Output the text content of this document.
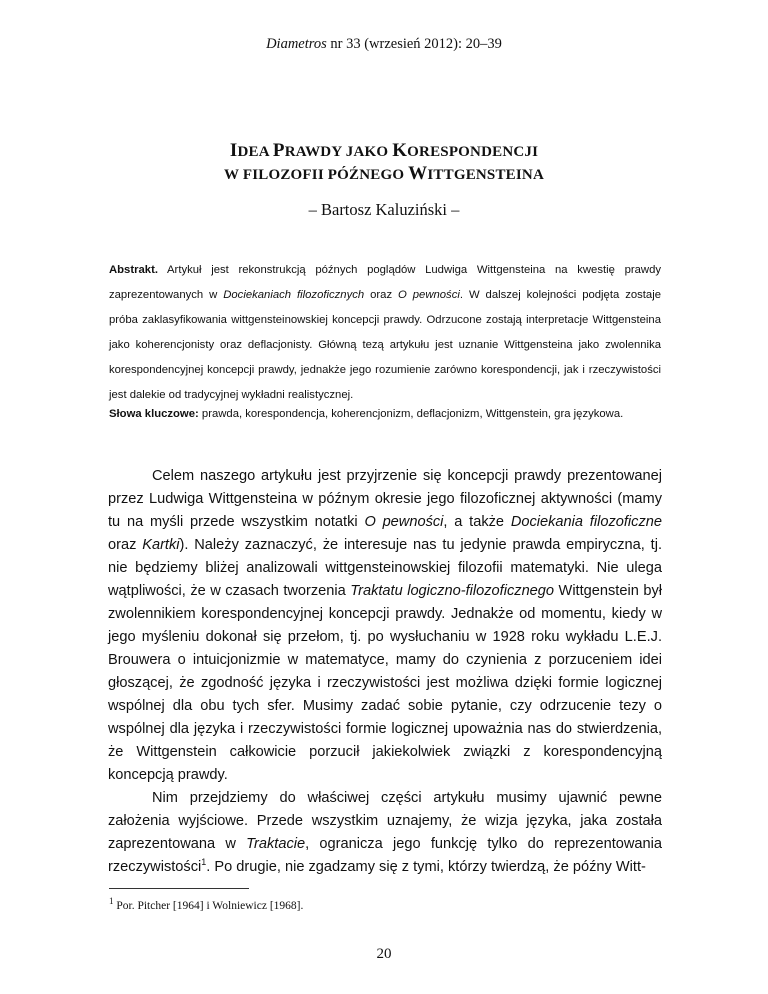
Diametros nr 33 (wrzesień 2012): 20–39
IDEA PRAWDY JAKO KORESPONDENCJI
W FILOZOFII PÓŹNEGO WITTGENSTEINA
– Bartosz Kaluziński –
Abstrakt. Artykuł jest rekonstrukcją późnych poglądów Ludwiga Wittgensteina na kwestię prawdy zaprezentowanych w Dociekaniach filozoficznych oraz O pewności. W dalszej kolejności podjęta zostaje próba zaklasyfikowania wittgensteinowskiej koncepcji prawdy. Odrzucone zostają interpretacje Wittgensteina jako koherencjonisty oraz deflacjonisty. Główną tezą artykułu jest uznanie Wittgensteina jako zwolennika korespondencyjnej koncepcji prawdy, jednakże jego rozumienie zarówno korespondencji, jak i rzeczywistości jest dalekie od tradycyjnej wykładni realistycznej.
Słowa kluczowe: prawda, korespondencja, koherencjonizm, deflacjonizm, Wittgenstein, gra językowa.

Celem naszego artykułu jest przyjrzenie się koncepcji prawdy prezentowanej przez Ludwiga Wittgensteina w późnym okresie jego filozoficznej aktywności (mamy tu na myśli przede wszystkim notatki O pewności, a także Dociekania filozoficzne oraz Kartki). Należy zaznaczyć, że interesuje nas tu jedynie prawda empiryczna, tj. nie będziemy bliżej analizowali wittgensteinowskiej filozofii matematyki. Nie ulega wątpliwości, że w czasach tworzenia Traktatu logiczno-filozoficznego Wittgenstein był zwolennikiem korespondencyjnej koncepcji prawdy. Jednakże od momentu, kiedy w jego myśleniu dokonał się przełom, tj. po wysłuchaniu w 1928 roku wykładu L.E.J. Brouwera o intuicjonizmie w matematyce, mamy do czynienia z porzuceniem idei głoszącej, że zgodność języka i rzeczywistości jest możliwa dzięki formie logicznej wspólnej dla obu tych sfer. Musimy zadać sobie pytanie, czy odrzucenie tezy o wspólnej dla języka i rzeczywistości formie logicznej upoważnia nas do stwierdzenia, że Wittgenstein całkowicie porzucił jakiekolwiek związki z korespondencyjną koncepcją prawdy.

Nim przejdziemy do właściwej części artykułu musimy ujawnić pewne założenia wyjściowe. Przede wszystkim uznajemy, że wizja języka, jaka została zaprezentowana w Traktacie, ogranicza jego funkcję tylko do reprezentowania rzeczywistości$^1$. Po drugie, nie zgadzamy się z tymi, którzy twierdzą, że późny Witt-

$^1$ Por. Pitcher [1964] i Wolniewicz [1968].
20
